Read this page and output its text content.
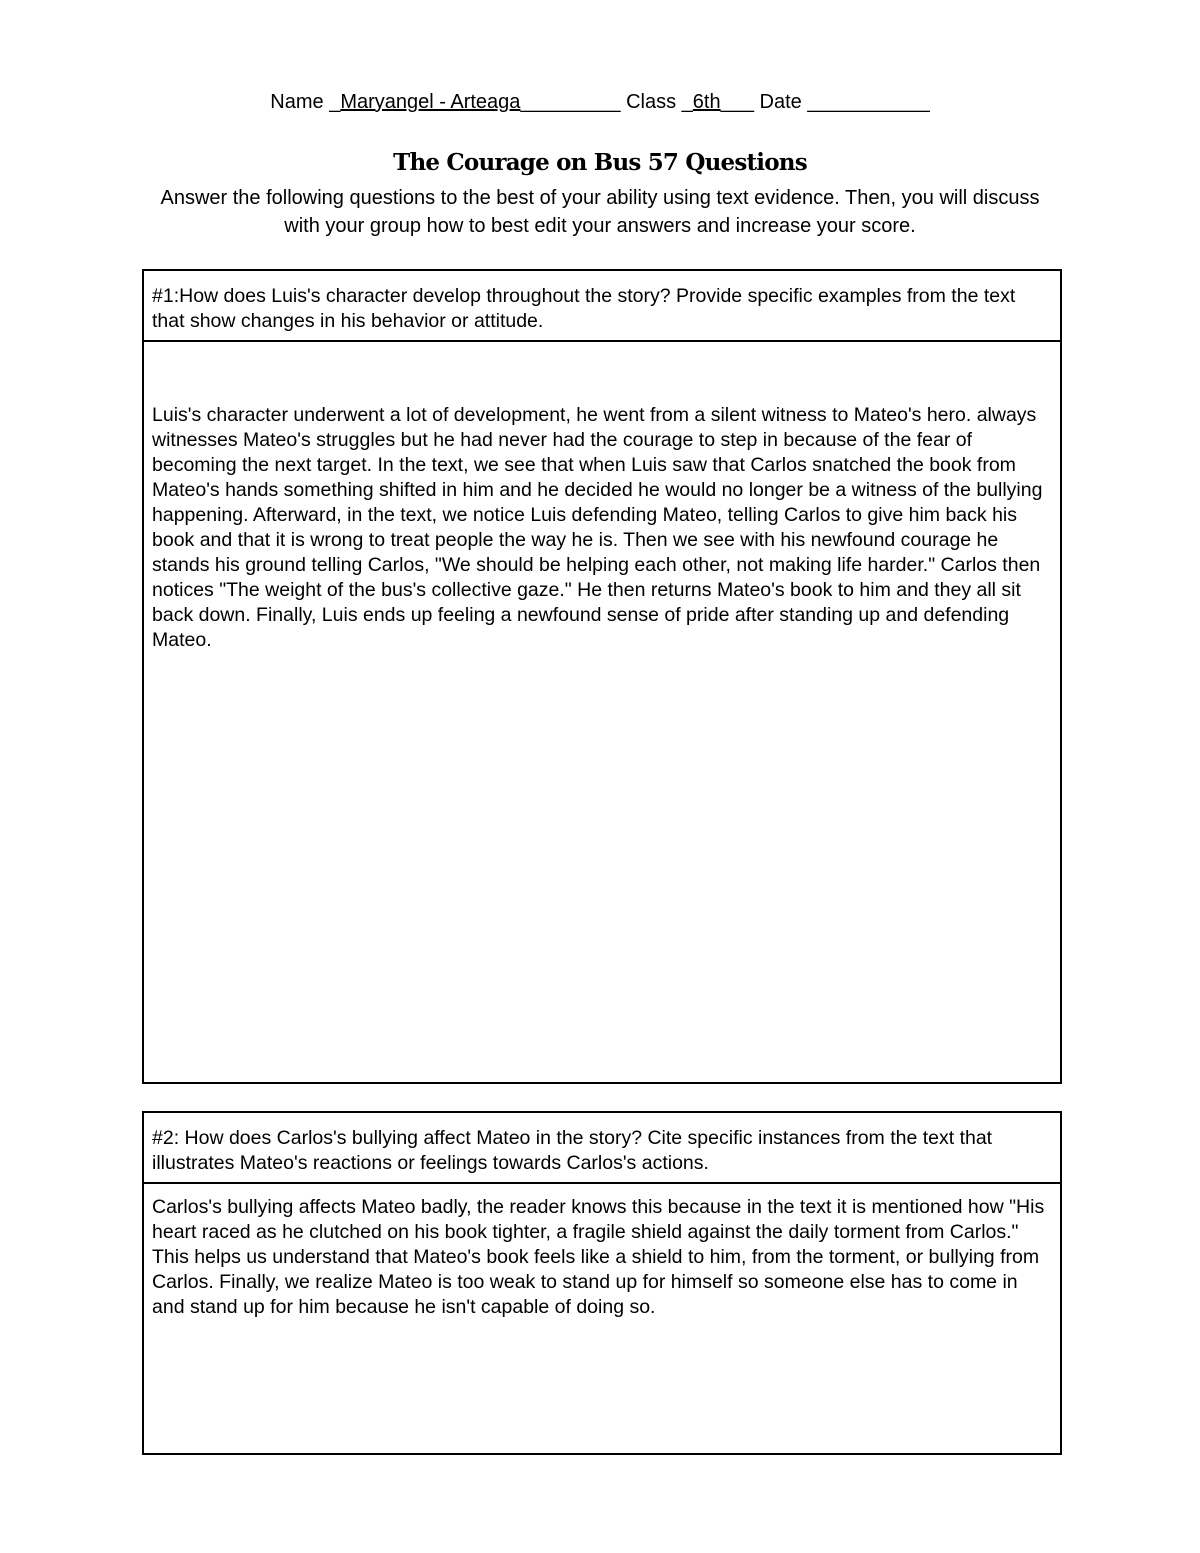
Name _Maryangel - Arteaga_________ Class _6th___ Date ___________
The Courage on Bus 57 Questions
Answer the following questions to the best of your ability using text evidence. Then, you will discuss with your group how to best edit your answers and increase your score.
#1:How does Luis's character develop throughout the story? Provide specific examples from the text that show changes in his behavior or attitude.
Luis's character underwent a lot of development, he went from a silent witness to Mateo's hero. always witnesses Mateo's struggles but he had never had the courage to step in because of the fear of becoming the next target. In the text, we see that when Luis saw that Carlos snatched the book from Mateo's hands something shifted in him and he decided he would no longer be a witness of the bullying happening. Afterward, in the text, we notice Luis defending Mateo, telling Carlos to give him back his book and that it is wrong to treat people the way he is. Then we see with his newfound courage he stands his ground telling Carlos, "We should be helping each other, not making life harder." Carlos then notices "The weight of the bus's collective gaze." He then returns Mateo's book to him and they all sit back down. Finally, Luis ends up feeling a newfound sense of pride after standing up and defending Mateo.
#2: How does Carlos's bullying affect Mateo in the story? Cite specific instances from the text that illustrates Mateo's reactions or feelings towards Carlos's actions.
Carlos's bullying affects Mateo badly, the reader knows this because in the text it is mentioned how "His heart raced as he clutched on his book tighter, a fragile shield against the daily torment from Carlos." This helps us understand that Mateo's book feels like a shield to him, from the torment, or bullying from Carlos. Finally, we realize Mateo is too weak to stand up for himself so someone else has to come in and stand up for him because he isn't capable of doing so.
